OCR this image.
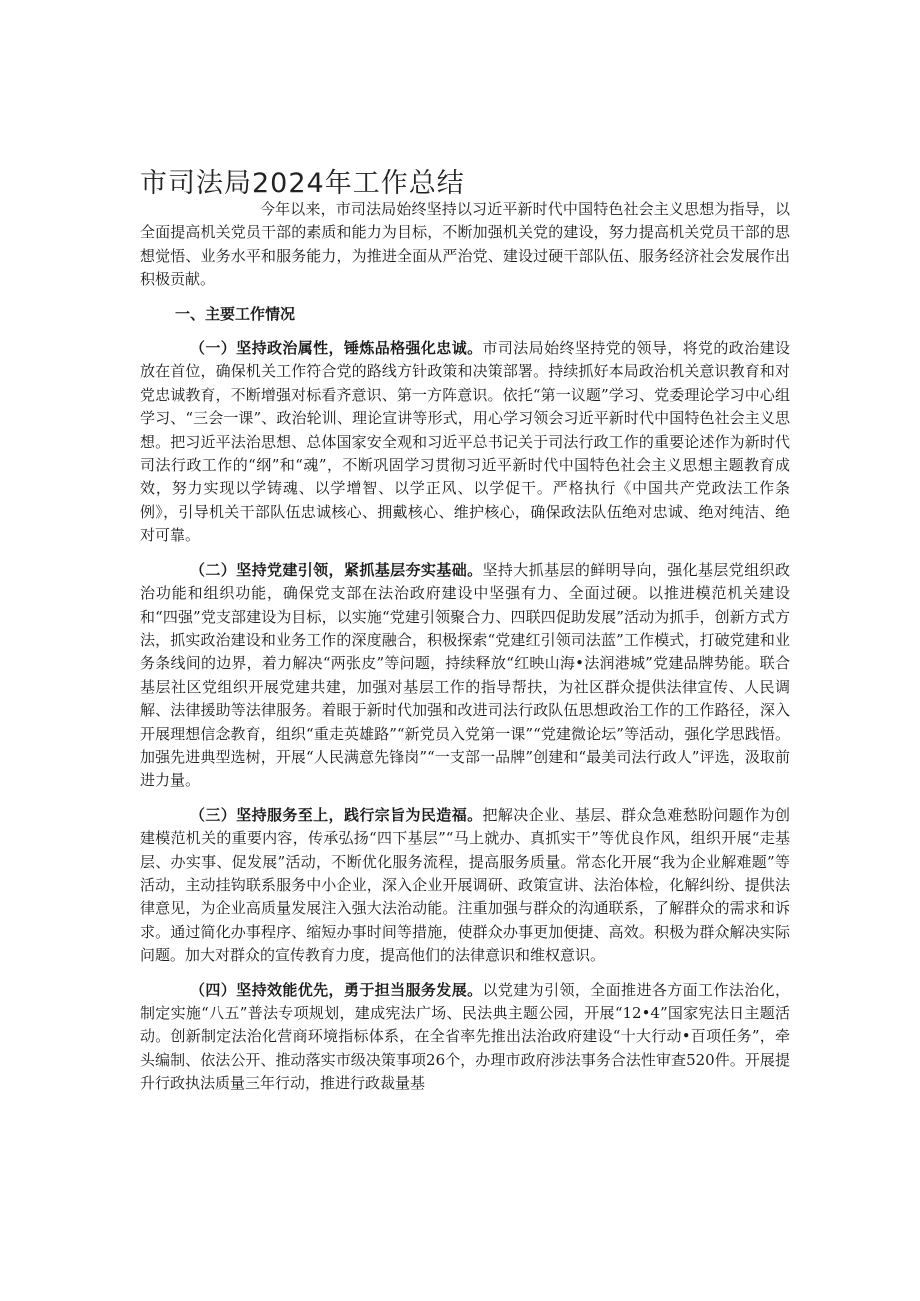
市司法局2024年工作总结

今年以来，市司法局始终坚持以习近平新时代中国特色社会主义思想为指导，以全面提高机关党员干部的素质和能力为目标，不断加强机关党的建设，努力提高机关党员干部的思想觉悟、业务水平和服务能力，为推进全面从严治党、建设过硬干部队伍、服务经济社会发展作出积极贡献。

一、主要工作情况

（一）坚持政治属性，锤炼品格强化忠诚。市司法局始终坚持党的领导，将党的政治建设放在首位，确保机关工作符合党的路线方针政策和决策部署。持续抓好本局政治机关意识教育和对党忠诚教育，不断增强对标看齐意识、第一方阵意识。依托“第一议题”学习、党委理论学习中心组学习、“三会一课”、政治轮训、理论宣讲等形式，用心学习领会习近平新时代中国特色社会主义思想。把习近平法治思想、总体国家安全观和习近平总书记关于司法行政工作的重要论述作为新时代司法行政工作的“纲”和“魂”，不断巩固学习贯彻习近平新时代中国特色社会主义思想主题教育成效，努力实现以学铸魂、以学增智、以学正风、以学促干。严格执行《中国共产党政法工作条例》，引导机关干部队伍忠诚核心、拥戴核心、维护核心，确保政法队伍绝对忠诚、绝对纯洁、绝对可靠。

（二）坚持党建引领，紧抓基层夯实基础。坚持大抓基层的鲜明导向，强化基层党组织政治功能和组织功能，确保党支部在法治政府建设中坚强有力、全面过硬。以推进模范机关建设和“四强”党支部建设为目标，以实施“党建引领聚合力、四联四促助发展”活动为抓手，创新方式方法，抓实政治建设和业务工作的深度融合，积极探索“党建红引领司法蓝”工作模式，打破党建和业务条线间的边界，着力解决“两张皮”等问题，持续释放“红映山海•法润港城”党建品牌势能。联合基层社区党组织开展党建共建，加强对基层工作的指导帮扶，为社区群众提供法律宣传、人民调解、法律援助等法律服务。着眼于新时代加强和改进司法行政队伍思想政治工作的工作路径，深入开展理想信念教育，组织“重走英雄路”“新党员入党第一课”“党建微论坛”等活动，强化学思践悟。加强先进典型选树，开展“人民满意先锋岗”“一支部一品牌”创建和“最美司法行政人”评选，汲取前进力量。

（三）坚持服务至上，践行宗旨为民造福。把解决企业、基层、群众急难愁盼问题作为创建模范机关的重要内容，传承弘扬“四下基层”“马上就办、真抓实干”等优良作风，组织开展“走基层、办实事、促发展”活动，不断优化服务流程，提高服务质量。常态化开展“我为企业解难题”等活动，主动挂钩联系服务中小企业，深入企业开展调研、政策宣讲、法治体检，化解纠纷、提供法律意见，为企业高质量发展注入强大法治动能。注重加强与群众的沟通联系，了解群众的需求和诉求。通过简化办事程序、缩短办事时间等措施，使群众办事更加便捷、高效。积极为群众解决实际问题。加大对群众的宣传教育力度，提高他们的法律意识和维权意识。

（四）坚持效能优先，勇于担当服务发展。以党建为引领，全面推进各方面工作法治化，制定实施“八五”普法专项规划，建成宪法广场、民法典主题公园，开展“12•4”国家宪法日主题活动。创新制定法治化营商环境指标体系，在全省率先推出法治政府建设“十大行动•百项任务”，牵头编制、依法公开、推动落实市级决策事项26个，办理市政府涉法事务合法性审查520件。开展提升行政执法质量三年行动，推进行政裁量基
